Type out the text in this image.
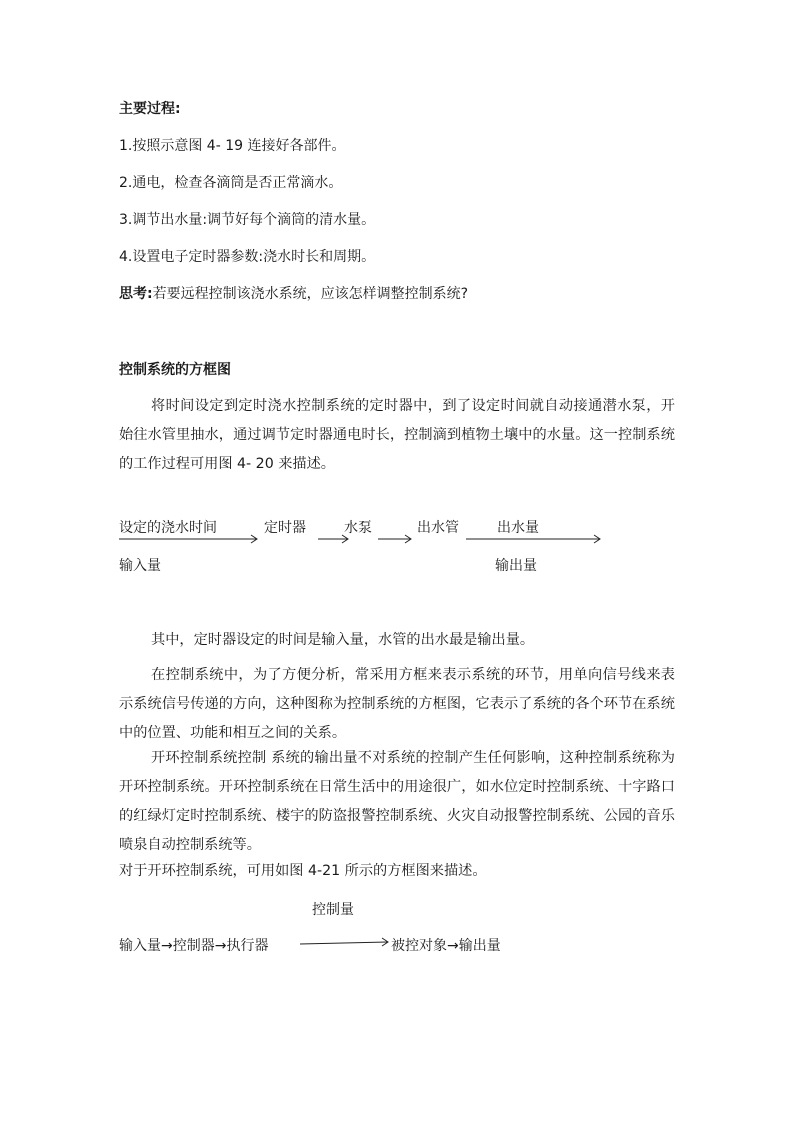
主要过程:
1.按照示意图 4- 19 连接好各部件。
2.通电，检查各滴筒是否正常滴水。
3.调节出水量:调节好每个滴筒的清水量。
4.设置电子定时器参数:浇水时长和周期。
思考:若要远程控制该浇水系统，应该怎样调整控制系统?
控制系统的方框图
将时间设定到定时浇水控制系统的定时器中，到了设定时间就自动接通潜水泵，开始往水管里抽水，通过调节定时器通电时长，控制滴到植物土壤中的水量。这一控制系统的工作过程可用图 4- 20 来描述。
设定的浇水时间	定时器	水泵	出水管	出水量
输入量	输出量
其中，定时器设定的时间是输入量，水管的出水最是输出量。
在控制系统中，为了方便分析，常采用方框来表示系统的环节，用单向信号线来表示系统信号传递的方向，这种图称为控制系统的方框图，它表示了系统的各个环节在系统中的位置、功能和相互之间的关系。
开环控制系统控制 系统的输出量不对系统的控制产生任何影响，这种控制系统称为开环控制系统。开环控制系统在日常生活中的用途很广，如水位定时控制系统、十字路口的红绿灯定时控制系统、楼宇的防盗报警控制系统、火灾自动报警控制系统、公园的音乐喷泉自动控制系统等。
对于开环控制系统，可用如图 4-21 所示的方框图来描述。
控制量
输入量→控制器→执行器	被控对象→输出量
